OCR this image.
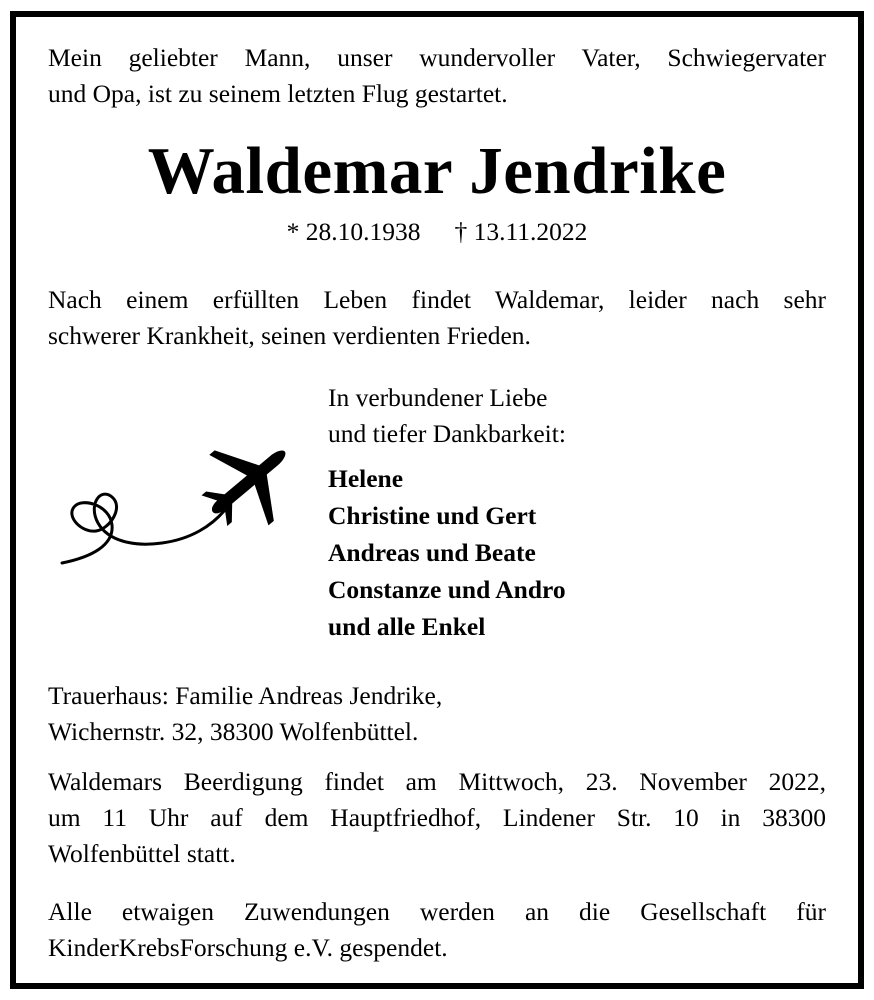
Mein geliebter Mann, unser wundervoller Vater, Schwiegervater
und Opa, ist zu seinem letzten Flug gestartet.
Waldemar Jendrike
* 28.10.1938 † 13.11.2022
Nach einem erfüllten Leben findet Waldemar, leider nach sehr
schwerer Krankheit, seinen verdienten Frieden.
In verbundener Liebe
und tiefer Dankbarkeit:
Helene
Christine und Gert
Andreas und Beate
Constanze und Andro
und alle Enkel
Trauerhaus: Familie Andreas Jendrike,
Wichernstr. 32, 38300 Wolfenbüttel.
Waldemars Beerdigung findet am Mittwoch, 23. November 2022,
um 11 Uhr auf dem Hauptfriedhof, Lindener Str. 10 in 38300
Wolfenbüttel statt.
Alle etwaigen Zuwendungen werden an die Gesellschaft für
KinderKrebsForschung e.V. gespendet.
